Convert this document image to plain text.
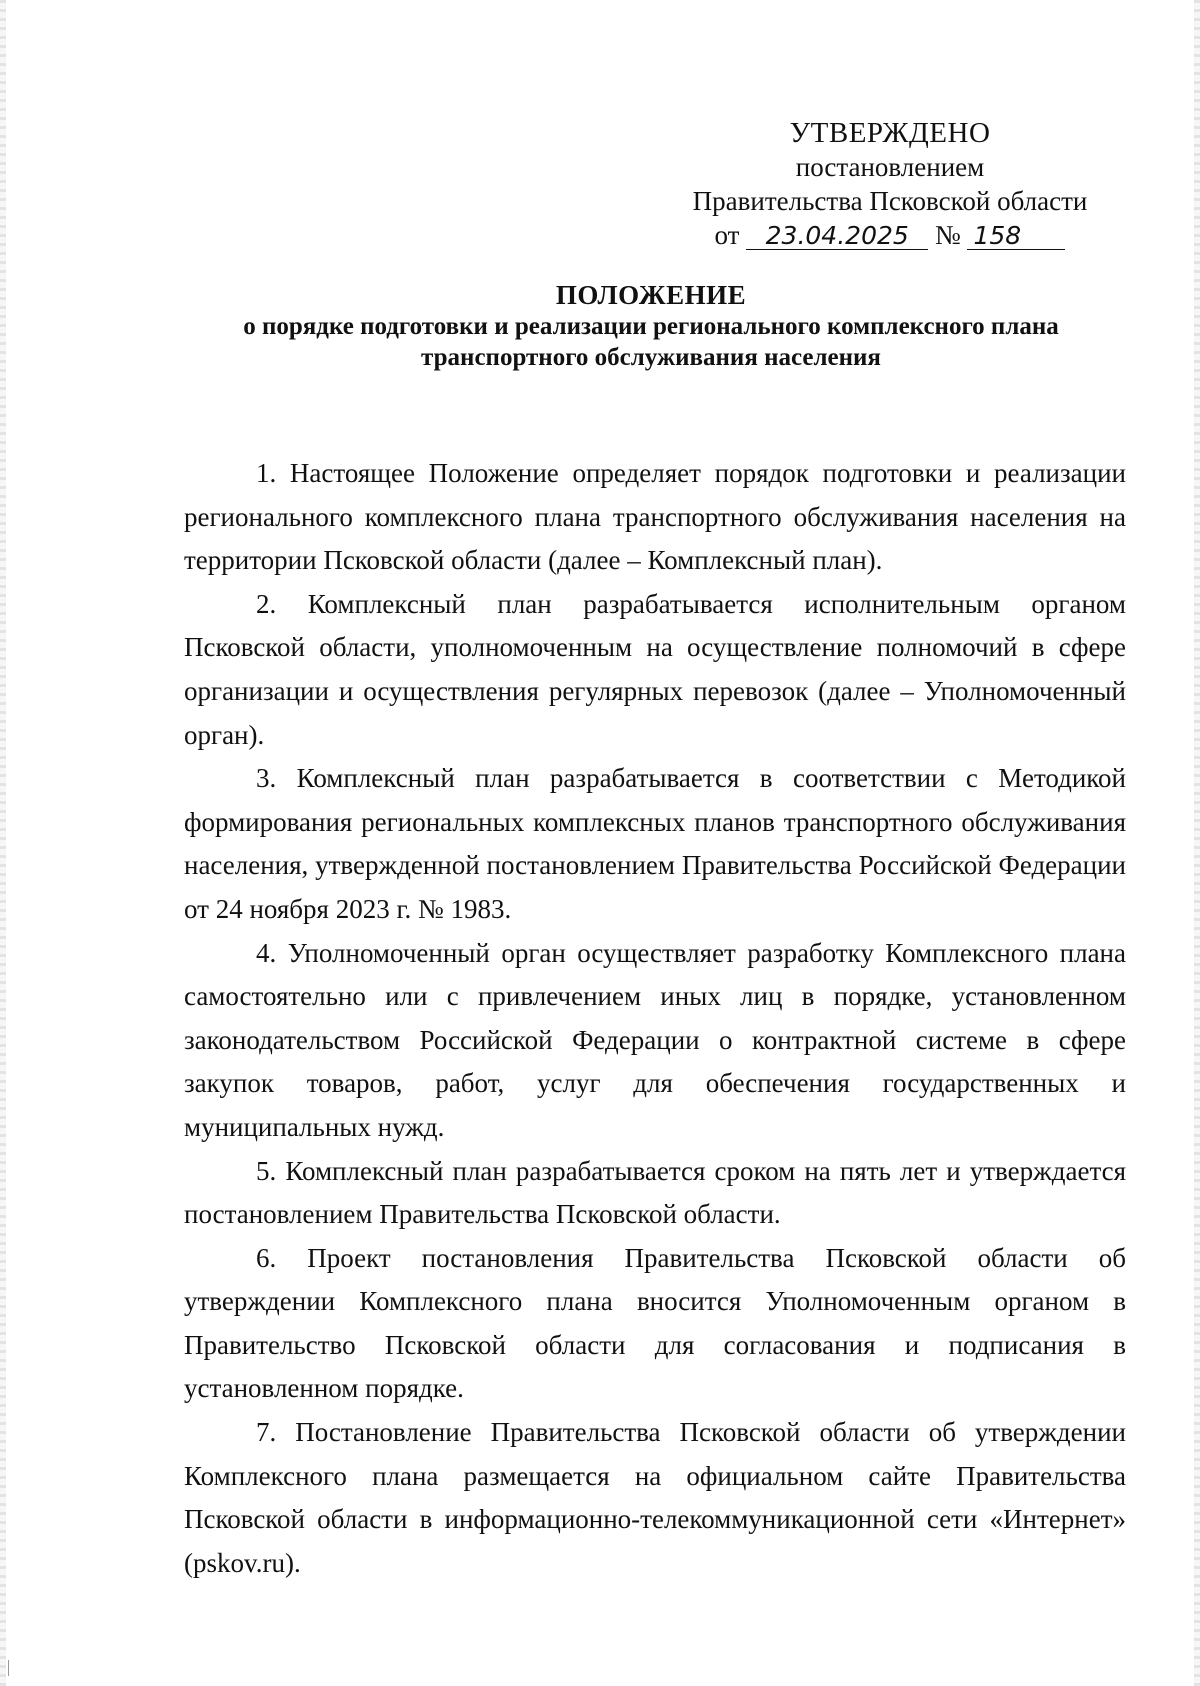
УТВЕРЖДЕНО
постановлением
Правительства Псковской области
от 23.04.2025 № 158
ПОЛОЖЕНИЕ
о порядке подготовки и реализации регионального комплексного плана
транспортного обслуживания населения

1. Настоящее Положение определяет порядок подготовки и реализации регионального комплексного плана транспортного обслуживания населения на территории Псковской области (далее – Комплексный план).

2. Комплексный план разрабатывается исполнительным органом Псковской области, уполномоченным на осуществление полномочий в сфере организации и осуществления регулярных перевозок (далее – Уполномоченный орган).

3. Комплексный план разрабатывается в соответствии с Методикой формирования региональных комплексных планов транспортного обслуживания населения, утвержденной постановлением Правительства Российской Федерации от 24 ноября 2023 г. № 1983.

4. Уполномоченный орган осуществляет разработку Комплексного плана самостоятельно или с привлечением иных лиц в порядке, установленном законодательством Российской Федерации о контрактной системе в сфере закупок товаров, работ, услуг для обеспечения государственных и муниципальных нужд.

5. Комплексный план разрабатывается сроком на пять лет и утверждается постановлением Правительства Псковской области.

6. Проект постановления Правительства Псковской области об утверждении Комплексного плана вносится Уполномоченным органом в Правительство Псковской области для согласования и подписания в установленном порядке.

7. Постановление Правительства Псковской области об утверждении Комплексного плана размещается на официальном сайте Правительства Псковской области в информационно-телекоммуникационной сети «Интернет» (pskov.ru).
